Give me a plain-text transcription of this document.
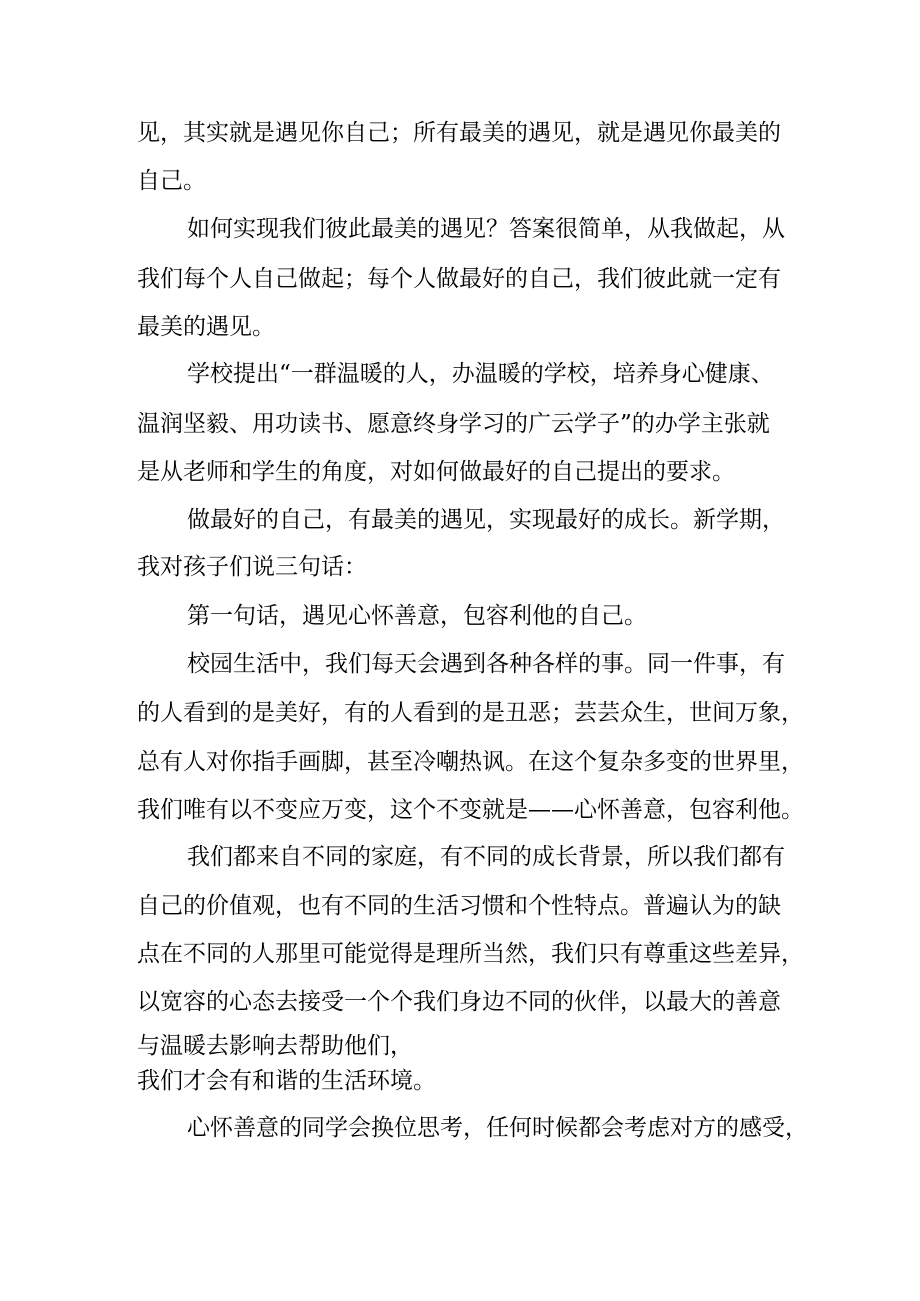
见，其实就是遇见你自己；所有最美的遇见，就是遇见你最美的
自己。
如何实现我们彼此最美的遇见？答案很简单，从我做起，从
我们每个人自己做起；每个人做最好的自己，我们彼此就一定有
最美的遇见。
学校提出“一群温暖的人，办温暖的学校，培养身心健康、
温润坚毅、用功读书、愿意终身学习的广云学子”的办学主张就
是从老师和学生的角度，对如何做最好的自己提出的要求。
做最好的自己，有最美的遇见，实现最好的成长。新学期，
我对孩子们说三句话：
第一句话，遇见心怀善意，包容利他的自己。
校园生活中，我们每天会遇到各种各样的事。同一件事，有
的人看到的是美好，有的人看到的是丑恶；芸芸众生，世间万象，
总有人对你指手画脚，甚至冷嘲热讽。在这个复杂多变的世界里，
我们唯有以不变应万变，这个不变就是——心怀善意，包容利他。
我们都来自不同的家庭，有不同的成长背景，所以我们都有
自己的价值观，也有不同的生活习惯和个性特点。普遍认为的缺
点在不同的人那里可能觉得是理所当然，我们只有尊重这些差异，
以宽容的心态去接受一个个我们身边不同的伙伴，以最大的善意
与温暖去影响去帮助他们，
我们才会有和谐的生活环境。
心怀善意的同学会换位思考，任何时候都会考虑对方的感受，
